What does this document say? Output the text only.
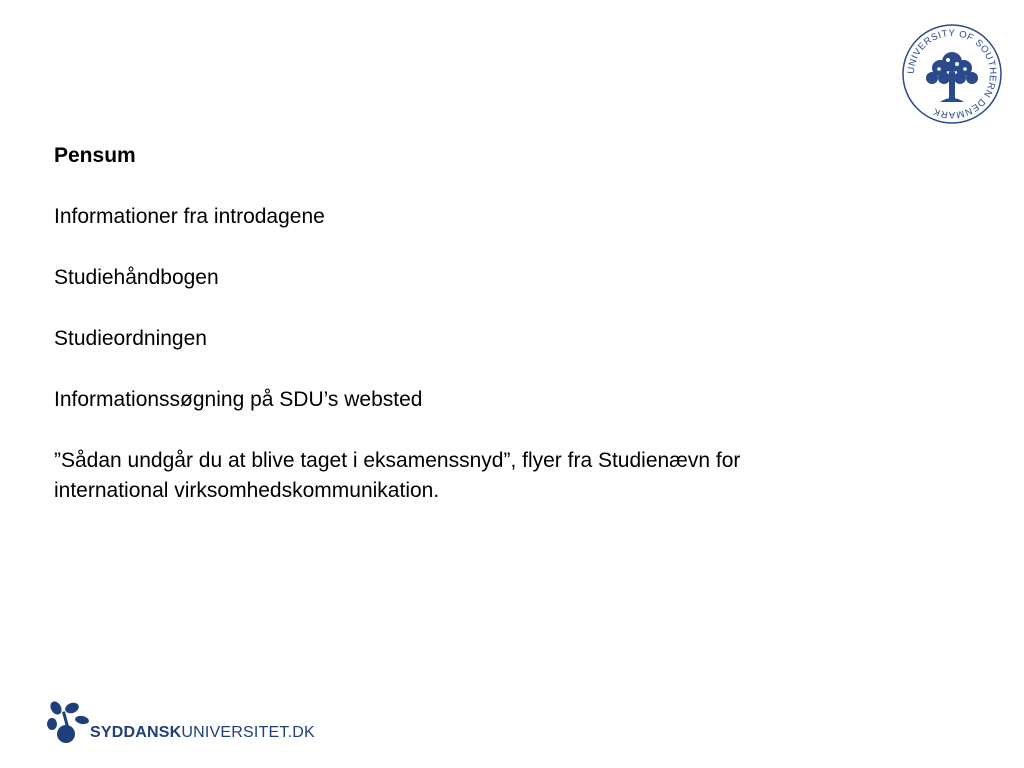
UNIVERSITY OF SOUTHERN DENMARK
Pensum
Informationer fra introdagene
Studiehåndbogen
Studieordningen
Informationssøgning på SDU’s websted
”Sådan undgår du at blive taget i eksamenssnyd”, flyer fra Studienævn for international virksomhedskommunikation.
SYDDANSKUNIVERSITET.DK
